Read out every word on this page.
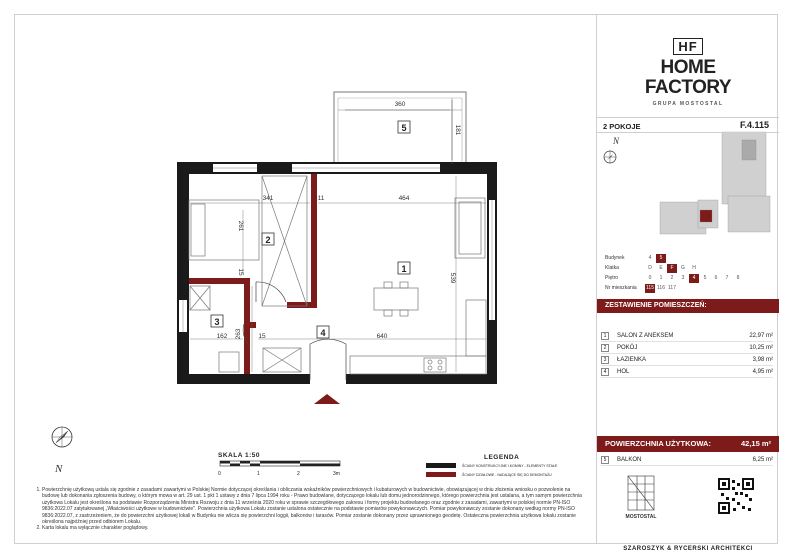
5
2
1
3
4
360
181
341	11	464
261
15
539
263
162	15	640
N
N
MOSTOSTAL
HF
HOME FACTORY
GRUPA MOSTOSTAL
2 POKOJE	F.4.115
Budynek	4	5
Klatka	D	E	F	G	H
Piętro	0	1	2	3	4	5	6	7	8
Nr mieszkania	115 116 117
ZESTAWIENIE POMIESZCZEŃ:
1	SALON Z ANEKSEM	22,97 m²
2	POKÓJ	10,25 m²
3	ŁAZIENKA	3,98 m²
4	HOL	4,95 m²
POWIERZCHNIA UŻYTKOWA:	42,15 m²
5	BALKON	6,25 m²
SZAROSZYK & RYCERSKI ARCHITEKCI
SKALA 1:50
0	1	2	3m
LEGENDA
ŚCIANY KONSTRUKCYJNE I KOMINY - ELEMENTY STAŁE
ŚCIANY DZIAŁOWE - NADAJĄCE SIĘ DO DEMONTAŻU
1. Powierzchnię użytkową ustala się zgodnie z zasadami zawartymi w Polskiej Normie dotyczącej określania i obliczania wskaźników powierzchniowych i kubaturowych w budownictwie, obowiązującej w dniu złożenia wniosku o pozwolenie na budowę lub dokonania zgłoszenia budowy, o którym mowa w art. 29 ust. 1 pkt 1 ustawy z dnia 7 lipca 1994 roku - Prawo budowlane, dotyczącego lokalu lub domu jednorodzinnego, którego powierzchnia jest ustalana, a tym samym powierzchnia użytkowa Lokalu jest określona na podstawie Rozporządzenia Ministra Rozwoju z dnia 11 września 2020 roku w sprawie szczegółowego zakresu i formy projektu budowlanego oraz zgodnie z zasadami, zawartymi w polskiej normie PN-ISO 9836:2022.07 zatytułowanej „Właściwości użytkowe w budownictwie". Powierzchnia użytkowa Lokalu zostanie ustalona ostatecznie na podstawie pomiarów powykonawczych. Pomiar powykonawczy zostanie dokonany według normy PN-ISO 9836:2022.07, z zastrzeżeniem, że do powierzchni użytkowej lokali w Budynku nie wlicza się powierzchni loggii, balkonów i tarasów. Pomiar zostanie dokonany przez uprawnionego geodetę. Ostateczna powierzchnia użytkowa lokalu zostanie określona najpóźniej przed odbiorem Lokalu.
2. Karta lokalu ma wyłącznie charakter poglądowy.
